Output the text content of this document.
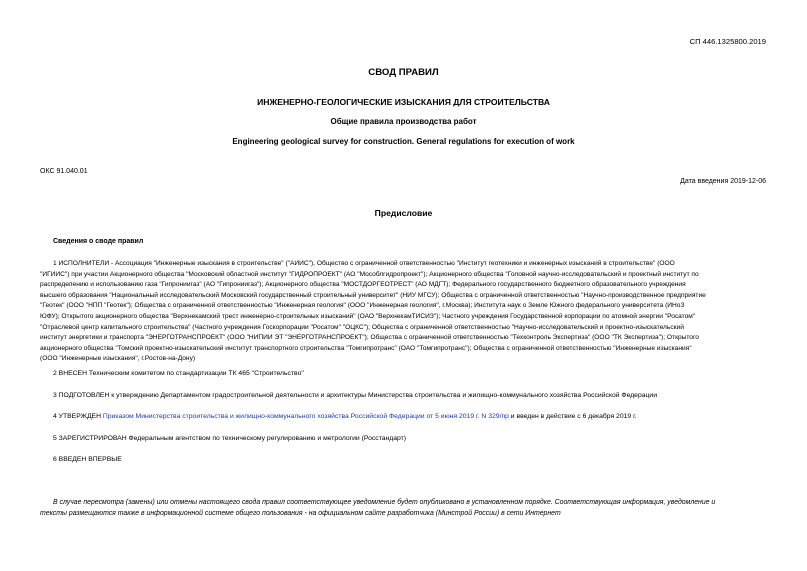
СП 446.1325800.2019
СВОД ПРАВИЛ
ИНЖЕНЕРНО-ГЕОЛОГИЧЕСКИЕ ИЗЫСКАНИЯ ДЛЯ СТРОИТЕЛЬСТВА
Общие правила производства работ
Engineering geological survey for construction. General regulations for execution of work
ОКС 91.040.01
Дата введения 2019-12-06
Предисловие
Сведения о своде правил
1 ИСПОЛНИТЕЛИ - Ассоциация "Инженерные изыскания в строительстве" ("АИИС"), Общество с ограниченной ответственностью "Институт геотехники и инженерных изысканий в строительстве" (ООО
"ИГИИС") при участии Акционерного общества "Московский областной институт "ГИДРОПРОЕКТ" (АО "Мособлгидропроект"); Акционерного общества "Головной научно-исследовательский и проектный институт по
распределению и использованию газа "Гипрониигаз" (АО "Гипрониигаз"); Акционерного общества "МОСТДОРГЕОТРЕСТ" (АО МДГТ); Федерального государственного бюджетного образовательного учреждения
высшего образования "Национальный исследовательский Московский государственный строительный университет" (НИУ МГСУ); Общества с ограниченной ответственностью "Научно-производственное предприятие
"Геотек" (ООО "НПП "Геотек"); Общества с ограниченной ответственностью "Инженерная геология" (ООО "Инженерная геология", г.Москва); Института наук о Земле Южного федерального университета (ИНоЗ
ЮФУ); Открытого акционерного общества "Верхнекамский трест инженерно-строительных изысканий" (ОАО "ВерхнекамТИСИЗ"); Частного учреждения Государственной корпорации по атомной энергии "Росатом"
"Отраслевой центр капитального строительства" (Частного учреждения Госкорпорации "Росатом" "ОЦКС"); Общества с ограниченной ответственностью "Научно-исследовательский и проектно-изыскательский
институт энергетики и транспорта "ЭНЕРГОТРАНСПРОЕКТ" (ООО "НИПИИ ЭТ "ЭНЕРГОТРАНСПРОЕКТ"); Общества с ограниченной ответственностью "Техконтроль Экспертиза" (ООО "ТК Экспертиза"); Открытого
акционерного общества "Томский проектно-изыскательский институт транспортного строительства "Томгипротранс" (ОАО "Томгипротранс"); Общества с ограниченной ответственностью "Инженерные изыскания"
(ООО "Инженерные изыскания", г.Ростов-на-Дону)
2 ВНЕСЕН Техническим комитетом по стандартизации ТК 465 "Строительство"
3 ПОДГОТОВЛЕН к утверждению Департаментом градостроительной деятельности и архитектуры Министерства строительства и жилищно-коммунального хозяйства Российской Федерации
4 УТВЕРЖДЕН Приказом Министерства строительства и жилищно-коммунального хозяйства Российской Федерации от 5 июня 2019 г. N 329/пр и введен в действие с 6 декабря 2019 г.
5 ЗАРЕГИСТРИРОВАН Федеральным агентством по техническому регулированию и метрологии (Росстандарт)
6 ВВЕДЕН ВПЕРВЫЕ
В случае пересмотра (замены) или отмены настоящего свода правил соответствующее уведомление будет опубликовано в установленном порядке. Соответствующая информация, уведомление и
тексты размещаются также в информационной системе общего пользования - на официальном сайте разработчика (Минстрой России) в сети Интернет
